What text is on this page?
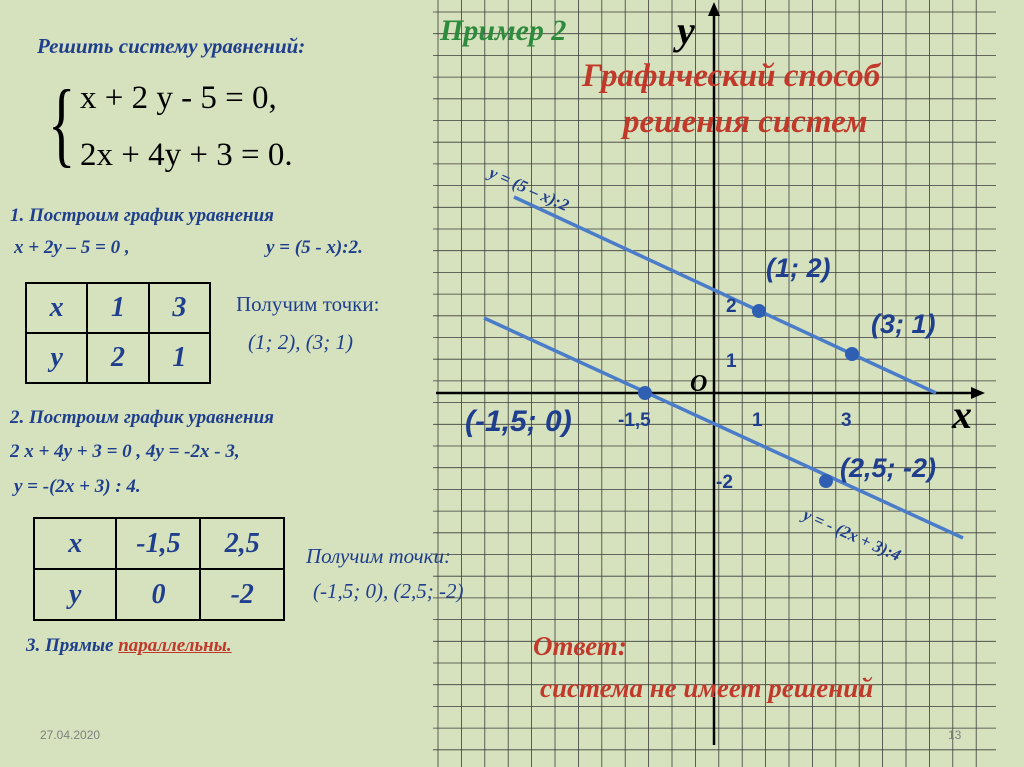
Решить систему уравнений:
{ x + 2 y - 5 = 0,
2x + 4y + 3 = 0.
1. Построим график уравнения
x + 2y – 5 = 0 ,	y = (5 - x):2.
x	1	3
y	2	1
Получим точки:
(1; 2), (3; 1)
2. Построим график уравнения
2 x + 4y + 3 = 0 , 4y = -2x - 3,
y = -(2x + 3) : 4.
x	-1,5	2,5
y	0	-2
Получим точки:
(-1,5; 0), (2,5; -2)
3. Прямые параллельны.
27.04.2020
Пример 2	y
Графический способ
решения систем
у = (5 – х):2
у = - (2х + 3):4
(1; 2)
(3; 1)
(-1,5; 0)
(2,5; -2)
2
1
-2
-1,5	1	3
O
x
Ответ:
система не имеет решений
13
